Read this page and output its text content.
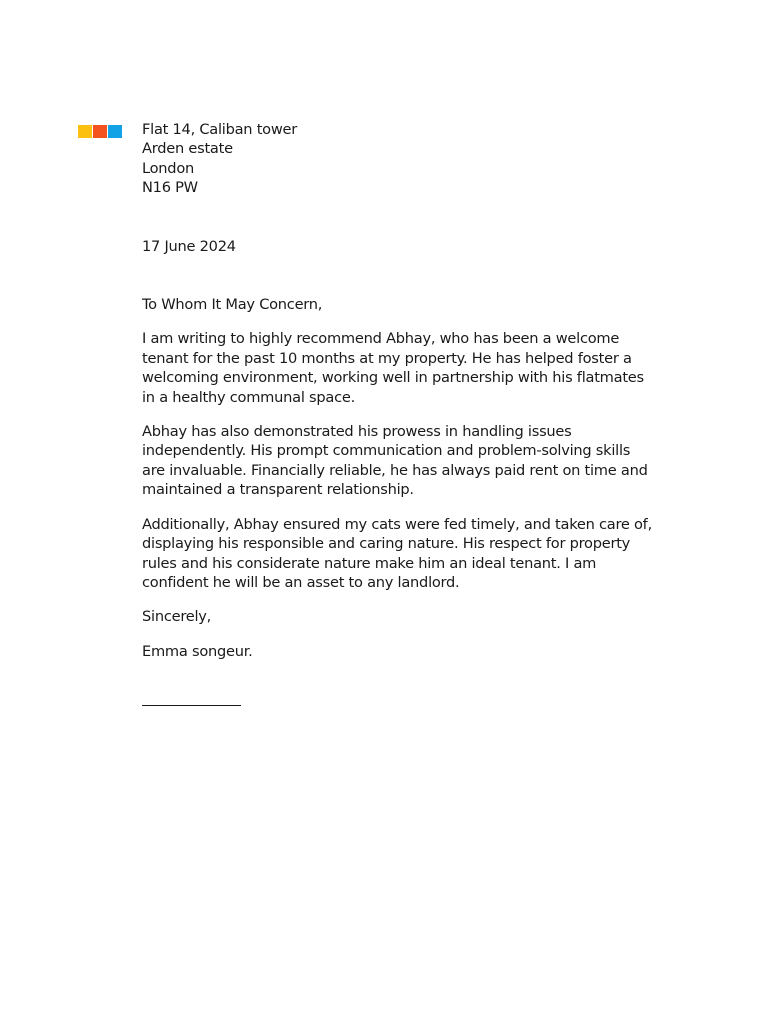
Flat 14, Caliban tower
Arden estate
London
N16 PW
17 June 2024
To Whom It May Concern,

I am writing to highly recommend Abhay, who has been a welcome tenant for the past 10 months at my property. He has helped foster a welcoming environment, working well in partnership with his flatmates in a healthy communal space.

Abhay has also demonstrated his prowess in handling issues independently. His prompt communication and problem-solving skills are invaluable. Financially reliable, he has always paid rent on time and maintained a transparent relationship.

Additionally, Abhay ensured my cats were fed timely, and taken care of, displaying his responsible and caring nature. His respect for property rules and his considerate nature make him an ideal tenant. I am confident he will be an asset to any landlord.

Sincerely,
Emma songeur.
